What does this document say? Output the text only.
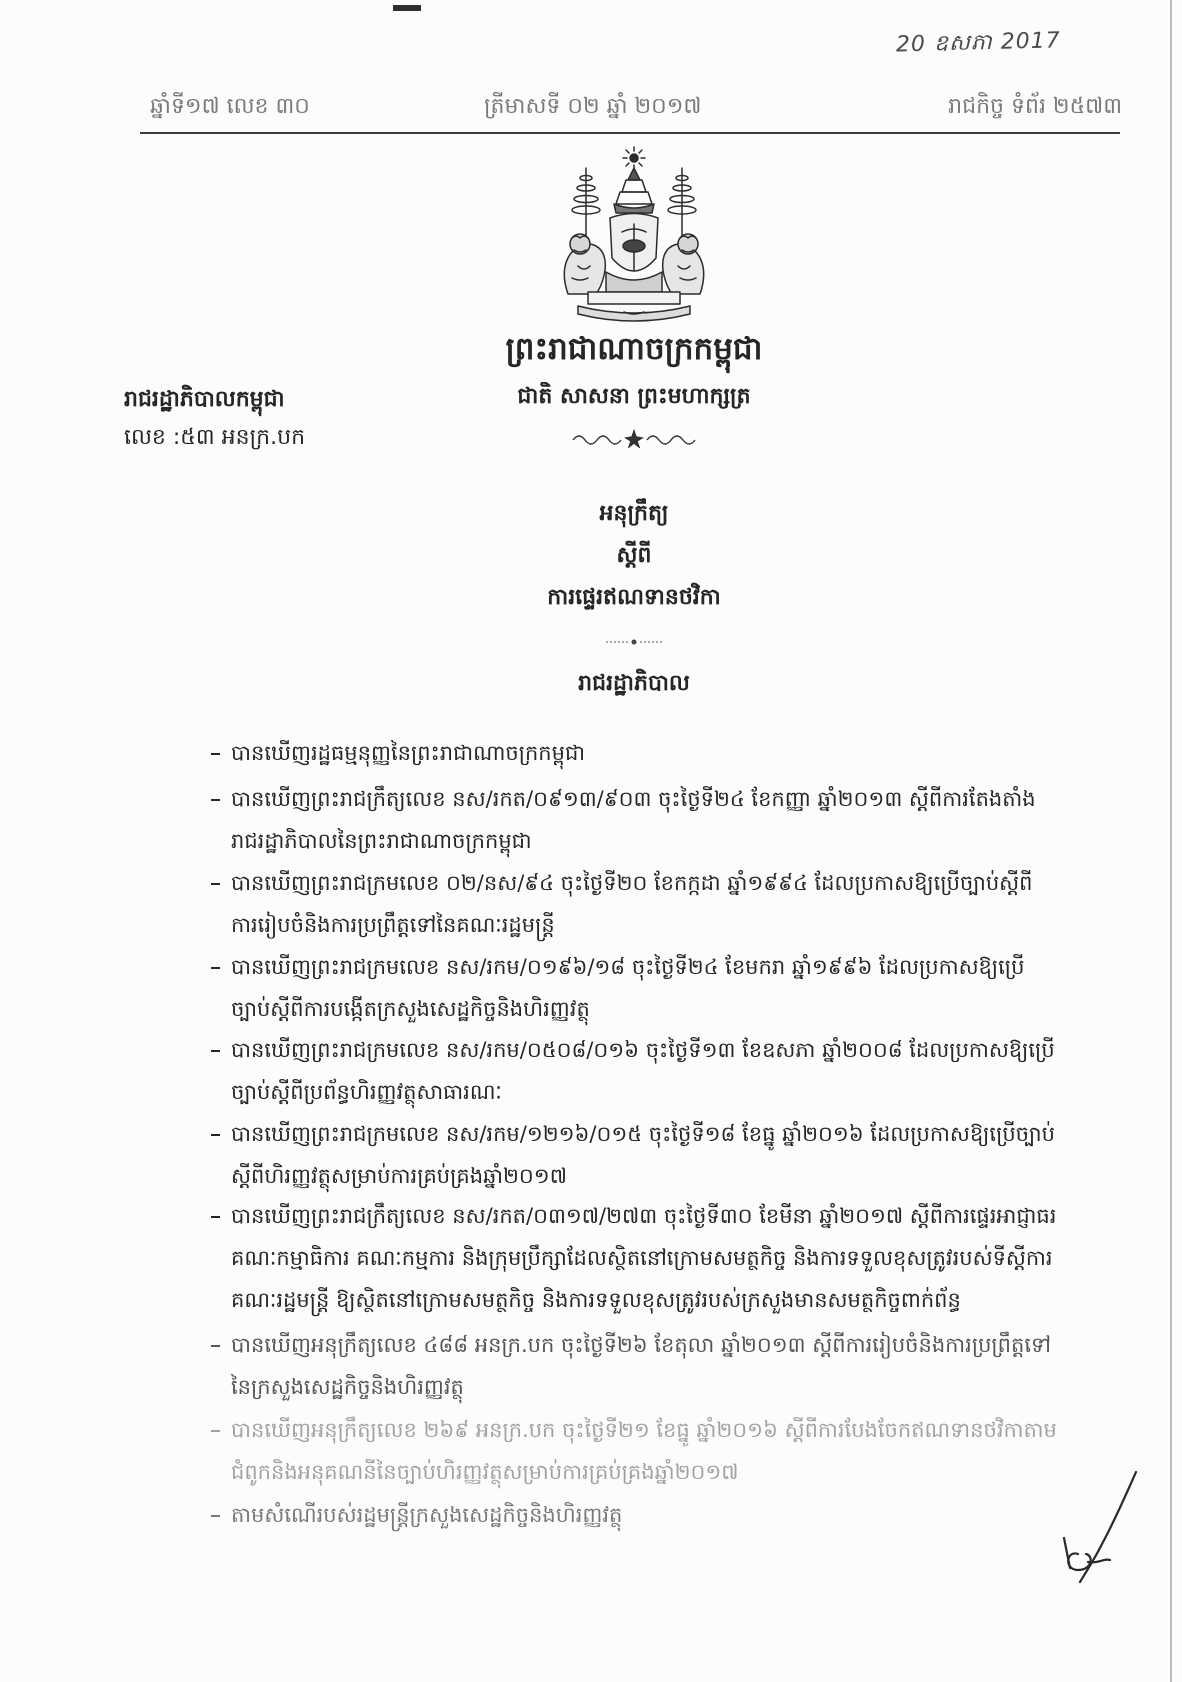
20 ឧសភា 2017
ឆ្នាំទី១៧ លេខ ៣០	ត្រីមាសទី ០២ ឆ្នាំ ២០១៧	រាជកិច្ច ទំព័រ ២៥៧៣
ព្រះរាជាណាចក្រកម្ពុជា
ជាតិ សាសនា ព្រះមហាក្សត្រ
រាជរដ្ឋាភិបាលកម្ពុជា
លេខ :៥៣ អនក្រ.បក
អនុក្រឹត្យ
ស្តីពី
ការផ្ទេរឥណទានថវិកា
រាជរដ្ឋាភិបាល
បានឃើញរដ្ឋធម្មនុញ្ញនៃព្រះរាជាណាចក្រកម្ពុជា
បានឃើញព្រះរាជក្រឹត្យលេខ នស/រកត/០៩១៣/៩០៣ ចុះថ្ងៃទី២៤ ខែកញ្ញា ឆ្នាំ២០១៣ ស្តីពីការតែងតាំង
រាជរដ្ឋាភិបាលនៃព្រះរាជាណាចក្រកម្ពុជា
បានឃើញព្រះរាជក្រមលេខ ០២/នស/៩៤ ចុះថ្ងៃទី២០ ខែកក្កដា ឆ្នាំ១៩៩៤ ដែលប្រកាសឱ្យប្រើច្បាប់ស្តីពី
ការរៀបចំនិងការប្រព្រឹត្តទៅនៃគណៈរដ្ឋមន្ត្រី
បានឃើញព្រះរាជក្រមលេខ នស/រកម/០១៩៦/១៨ ចុះថ្ងៃទី២៤ ខែមករា ឆ្នាំ១៩៩៦ ដែលប្រកាសឱ្យប្រើ
ច្បាប់ស្តីពីការបង្កើតក្រសួងសេដ្ឋកិច្ចនិងហិរញ្ញវត្ថុ
បានឃើញព្រះរាជក្រមលេខ នស/រកម/០៥០៨/០១៦ ចុះថ្ងៃទី១៣ ខែឧសភា ឆ្នាំ២០០៨ ដែលប្រកាសឱ្យប្រើ
ច្បាប់ស្តីពីប្រព័ន្ធហិរញ្ញវត្ថុសាធារណៈ
បានឃើញព្រះរាជក្រមលេខ នស/រកម/១២១៦/០១៥ ចុះថ្ងៃទី១៨ ខែធ្នូ ឆ្នាំ២០១៦ ដែលប្រកាសឱ្យប្រើច្បាប់
ស្តីពីហិរញ្ញវត្ថុសម្រាប់ការគ្រប់គ្រងឆ្នាំ២០១៧
បានឃើញព្រះរាជក្រឹត្យលេខ នស/រកត/០៣១៧/២៧៣ ចុះថ្ងៃទី៣០ ខែមីនា ឆ្នាំ២០១៧ ស្តីពីការផ្ទេរអាជ្ញាធរ
គណៈកម្មាធិការ គណៈកម្មការ និងក្រុមប្រឹក្សាដែលស្ថិតនៅក្រោមសមត្ថកិច្ច និងការទទួលខុសត្រូវរបស់ទីស្តីការ
គណៈរដ្ឋមន្ត្រី ឱ្យស្ថិតនៅក្រោមសមត្ថកិច្ច និងការទទួលខុសត្រូវរបស់ក្រសួងមានសមត្ថកិច្ចពាក់ព័ន្ធ
បានឃើញអនុក្រឹត្យលេខ ៤៨៨ អនក្រ.បក ចុះថ្ងៃទី២៦ ខែតុលា ឆ្នាំ២០១៣ ស្តីពីការរៀបចំនិងការប្រព្រឹត្តទៅ
នៃក្រសួងសេដ្ឋកិច្ចនិងហិរញ្ញវត្ថុ
បានឃើញអនុក្រឹត្យលេខ ២៦៩ អនក្រ.បក ចុះថ្ងៃទី២១ ខែធ្នូ ឆ្នាំ២០១៦ ស្តីពីការបែងចែកឥណទានថវិកាតាម
ជំពូកនិងអនុគណនីនៃច្បាប់ហិរញ្ញវត្ថុសម្រាប់ការគ្រប់គ្រងឆ្នាំ២០១៧
តាមសំណើរបស់រដ្ឋមន្ត្រីក្រសួងសេដ្ឋកិច្ចនិងហិរញ្ញវត្ថុ
